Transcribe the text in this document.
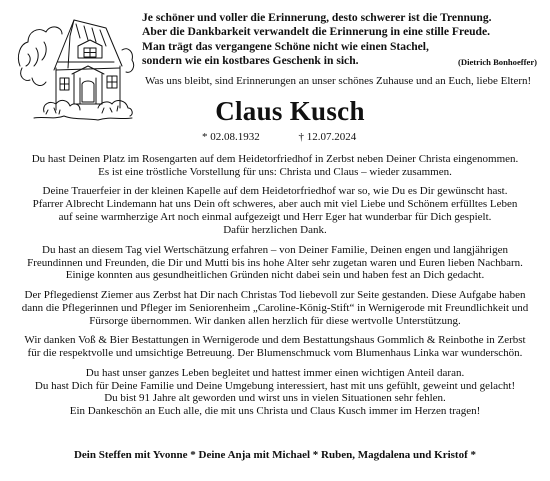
Je schöner und voller die Erinnerung, desto schwerer ist die Trennung.
Aber die Dankbarkeit verwandelt die Erinnerung in eine stille Freude.
Man trägt das vergangene Schöne nicht wie einen Stachel,
sondern wie ein kostbares Geschenk in sich.	(Dietrich Bonhoeffer)
Was uns bleibt, sind Erinnerungen an unser schönes Zuhause und an Euch, liebe Eltern!
Claus Kusch
* 02.08.1932	† 12.07.2024
Du hast Deinen Platz im Rosengarten auf dem Heidetorfriedhof in Zerbst neben Deiner Christa eingenommen.
Es ist eine tröstliche Vorstellung für uns: Christa und Claus – wieder zusammen.
Deine Trauerfeier in der kleinen Kapelle auf dem Heidetorfriedhof war so, wie Du es Dir gewünscht hast.
Pfarrer Albrecht Lindemann hat uns Dein oft schweres, aber auch mit viel Liebe und Schönem erfülltes Leben
auf seine warmherzige Art noch einmal aufgezeigt und Herr Eger hat wunderbar für Dich gespielt.
Dafür herzlichen Dank.
Du hast an diesem Tag viel Wertschätzung erfahren – von Deiner Familie, Deinen engen und langjährigen
Freundinnen und Freunden, die Dir und Mutti bis ins hohe Alter sehr zugetan waren und Euren lieben Nachbarn.
Einige konnten aus gesundheitlichen Gründen nicht dabei sein und haben fest an Dich gedacht.
Der Pflegedienst Ziemer aus Zerbst hat Dir nach Christas Tod liebevoll zur Seite gestanden. Diese Aufgabe haben
dann die Pflegerinnen und Pfleger im Seniorenheim „Caroline-König-Stift“ in Wernigerode mit Freundlichkeit und
Fürsorge übernommen. Wir danken allen herzlich für diese wertvolle Unterstützung.
Wir danken Voß & Bier Bestattungen in Wernigerode und dem Bestattungshaus Gommlich & Reinbothe in Zerbst
für die respektvolle und umsichtige Betreuung. Der Blumenschmuck vom Blumenhaus Linka war wunderschön.
Du hast unser ganzes Leben begleitet und hattest immer einen wichtigen Anteil daran.
Du hast Dich für Deine Familie und Deine Umgebung interessiert, hast mit uns gefühlt, geweint und gelacht!
Du bist 91 Jahre alt geworden und wirst uns in vielen Situationen sehr fehlen.
Ein Dankeschön an Euch alle, die mit uns Christa und Claus Kusch immer im Herzen tragen!
Dein Steffen mit Yvonne * Deine Anja mit Michael * Ruben, Magdalena und Kristof *
